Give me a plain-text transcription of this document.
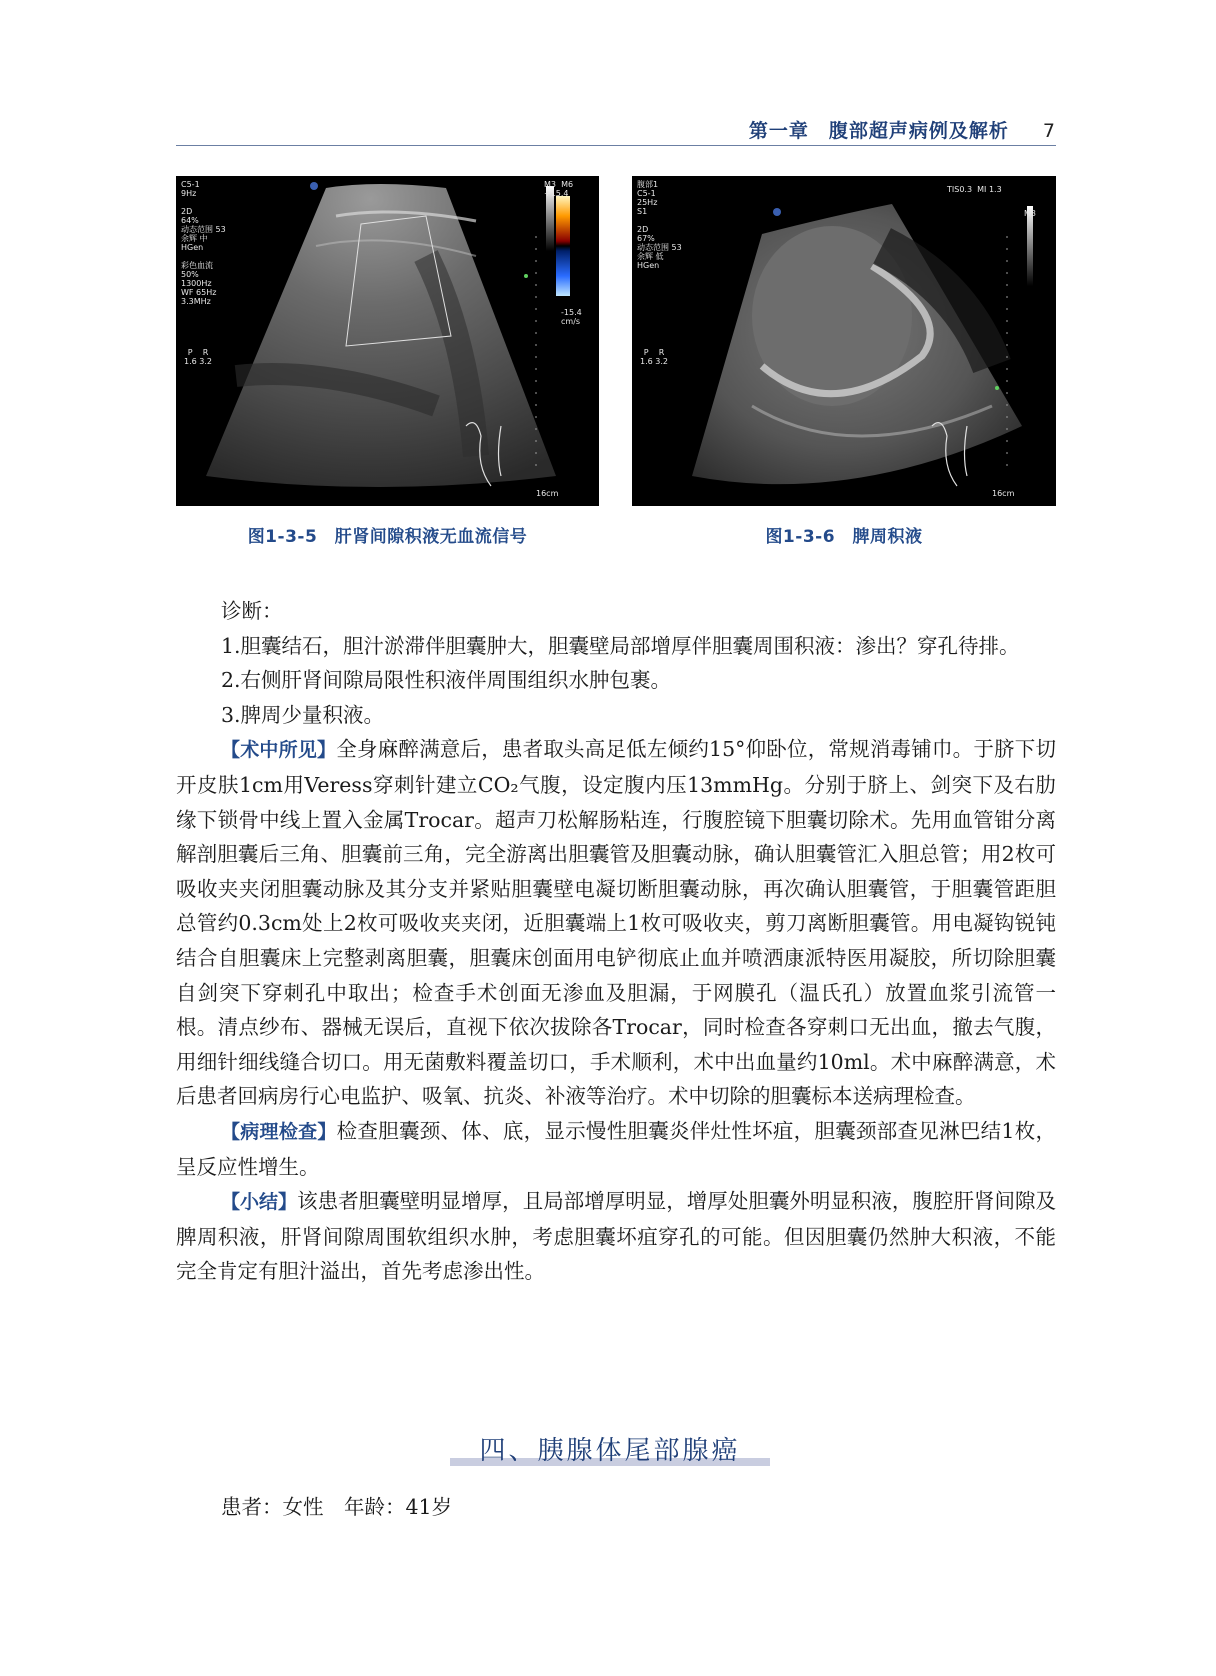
第一章　腹部超声病例及解析 7
C5-1
9Hz

2D
64%
动态范围 53
余辉 中
HGen

彩色血流
50%
1300Hz
WF 65Hz
3.3MHz
P    R
1.6 3.2
M3  M6
+15.4
-15.4
cm/s
16cm
图1-3-5　肝肾间隙积液无血流信号
腹部1
C5-1
25Hz
S1

2D
67%
动态范围 53
余辉 低
HGen
TIS0.3  MI 1.3
P    R
1.6 3.2
M3
16cm
图1-3-6　脾周积液

诊断：

1.胆囊结石，胆汁淤滞伴胆囊肿大，胆囊壁局部增厚伴胆囊周围积液：渗出？穿孔待排。

2.右侧肝肾间隙局限性积液伴周围组织水肿包裹。

3.脾周少量积液。

【术中所见】全身麻醉满意后，患者取头高足低左倾约15°仰卧位，常规消毒铺巾。于脐下切开皮肤1cm用Veress穿刺针建立CO₂气腹，设定腹内压13mmHg。分别于脐上、剑突下及右肋缘下锁骨中线上置入金属Trocar。超声刀松解肠粘连，行腹腔镜下胆囊切除术。先用血管钳分离解剖胆囊后三角、胆囊前三角，完全游离出胆囊管及胆囊动脉，确认胆囊管汇入胆总管；用2枚可吸收夹夹闭胆囊动脉及其分支并紧贴胆囊壁电凝切断胆囊动脉，再次确认胆囊管，于胆囊管距胆总管约0.3cm处上2枚可吸收夹夹闭，近胆囊端上1枚可吸收夹，剪刀离断胆囊管。用电凝钩锐钝结合自胆囊床上完整剥离胆囊，胆囊床创面用电铲彻底止血并喷洒康派特医用凝胶，所切除胆囊自剑突下穿刺孔中取出；检查手术创面无渗血及胆漏，于网膜孔（温氏孔）放置血浆引流管一根。清点纱布、器械无误后，直视下依次拔除各Trocar，同时检查各穿刺口无出血，撤去气腹，用细针细线缝合切口。用无菌敷料覆盖切口，手术顺利，术中出血量约10ml。术中麻醉满意，术后患者回病房行心电监护、吸氧、抗炎、补液等治疗。术中切除的胆囊标本送病理检查。

【病理检查】检查胆囊颈、体、底，显示慢性胆囊炎伴灶性坏疽，胆囊颈部查见淋巴结1枚，呈反应性增生。

【小结】该患者胆囊壁明显增厚，且局部增厚明显，增厚处胆囊外明显积液，腹腔肝肾间隙及脾周积液，肝肾间隙周围软组织水肿，考虑胆囊坏疽穿孔的可能。但因胆囊仍然肿大积液，不能完全肯定有胆汁溢出，首先考虑渗出性。

四、胰腺体尾部腺癌
患者：女性　年龄：41岁
